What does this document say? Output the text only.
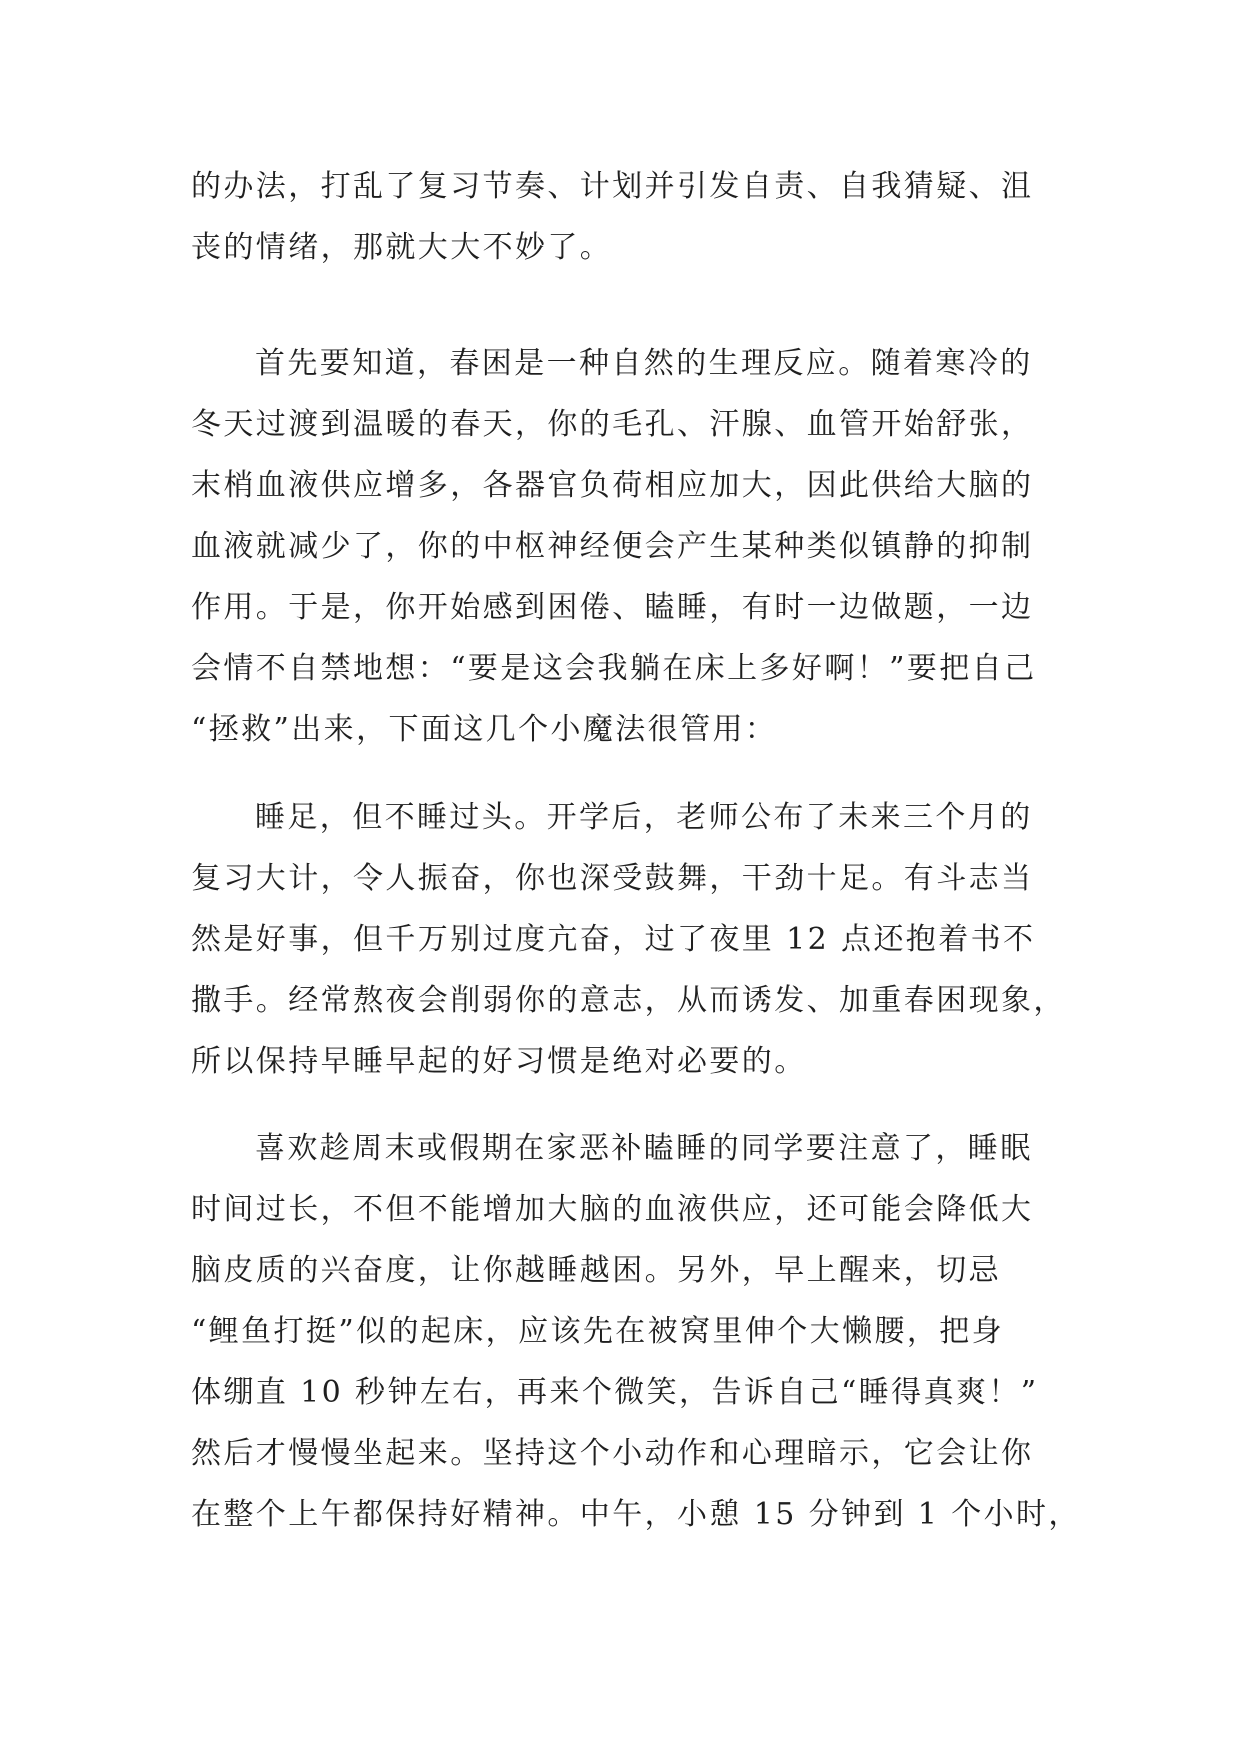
的办法，打乱了复习节奏、计划并引发自责、自我猜疑、沮
丧的情绪，那就大大不妙了。
首先要知道，春困是一种自然的生理反应。随着寒冷的
冬天过渡到温暖的春天，你的毛孔、汗腺、血管开始舒张，
末梢血液供应增多，各器官负荷相应加大，因此供给大脑的
血液就减少了，你的中枢神经便会产生某种类似镇静的抑制
作用。于是，你开始感到困倦、瞌睡，有时一边做题，一边
会情不自禁地想：“要是这会我躺在床上多好啊！”要把自己
“拯救”出来，下面这几个小魔法很管用：
睡足，但不睡过头。开学后，老师公布了未来三个月的
复习大计，令人振奋，你也深受鼓舞，干劲十足。有斗志当
然是好事，但千万别过度亢奋，过了夜里 12 点还抱着书不
撒手。经常熬夜会削弱你的意志，从而诱发、加重春困现象，
所以保持早睡早起的好习惯是绝对必要的。
喜欢趁周末或假期在家恶补瞌睡的同学要注意了，睡眠
时间过长，不但不能增加大脑的血液供应，还可能会降低大
脑皮质的兴奋度，让你越睡越困。另外，早上醒来，切忌
“鲤鱼打挺”似的起床，应该先在被窝里伸个大懒腰，把身
体绷直 10 秒钟左右，再来个微笑，告诉自己“睡得真爽！”
然后才慢慢坐起来。坚持这个小动作和心理暗示，它会让你
在整个上午都保持好精神。中午，小憩 15 分钟到 1 个小时，
